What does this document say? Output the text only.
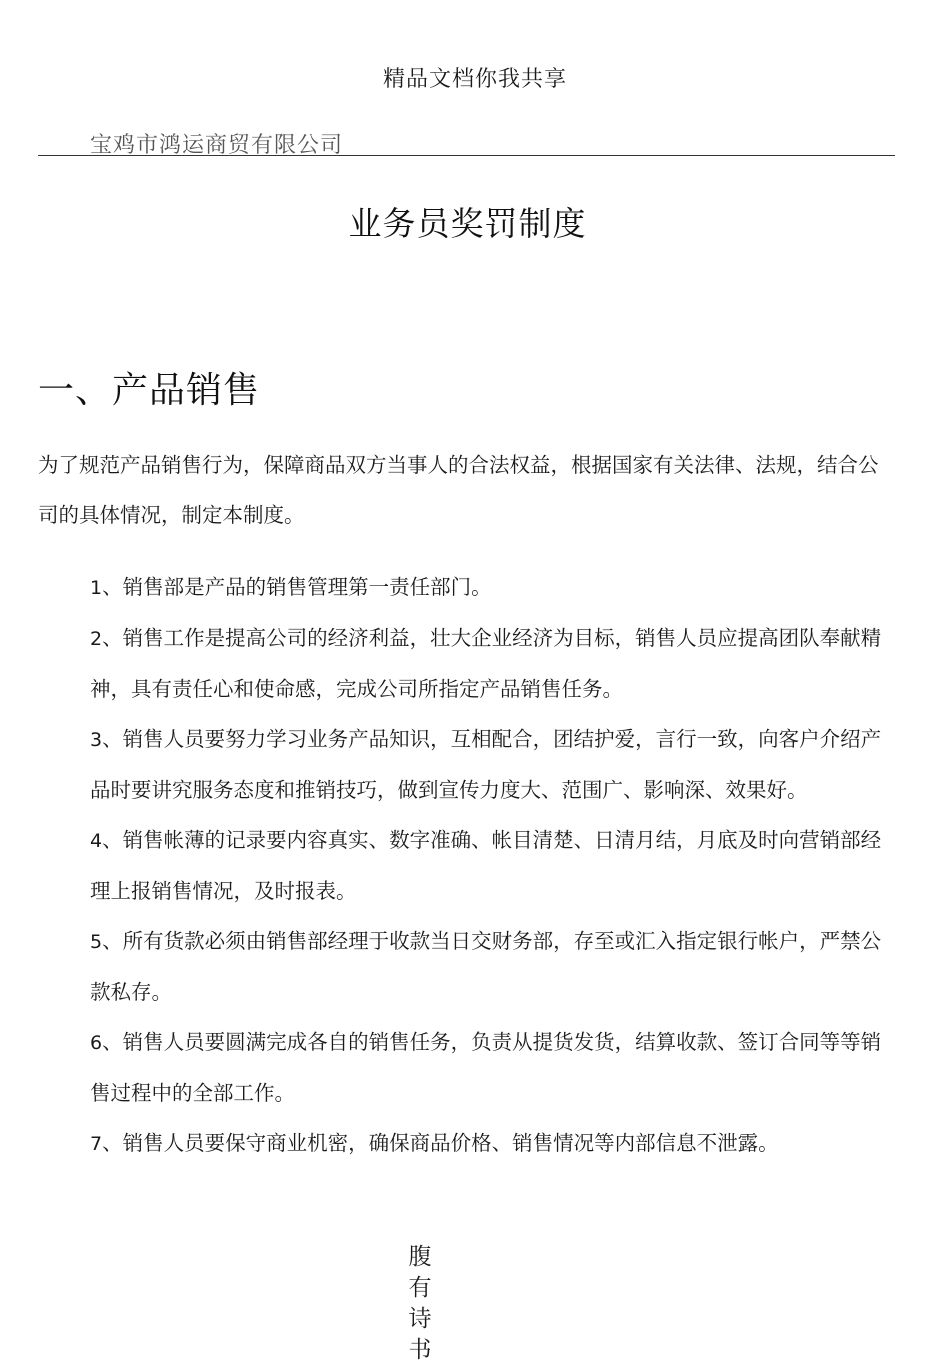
精品文档你我共享
宝鸡市鸿运商贸有限公司
业务员奖罚制度
一、产品销售

为了规范产品销售行为，保障商品双方当事人的合法权益，根据国家有关法律、法规，结合公司的具体情况，制定本制度。

1、销售部是产品的销售管理第一责任部门。

2、销售工作是提高公司的经济利益，壮大企业经济为目标，销售人员应提高团队奉献精神，具有责任心和使命感，完成公司所指定产品销售任务。

3、销售人员要努力学习业务产品知识，互相配合，团结护爱，言行一致，向客户介绍产品时要讲究服务态度和推销技巧，做到宣传力度大、范围广、影响深、效果好。

4、销售帐薄的记录要内容真实、数字准确、帐目清楚、日清月结，月底及时向营销部经理上报销售情况，及时报表。

5、所有货款必须由销售部经理于收款当日交财务部，存至或汇入指定银行帐户，严禁公款私存。

6、销售人员要圆满完成各自的销售任务，负责从提货发货，结算收款、签订合同等等销售过程中的全部工作。

7、销售人员要保守商业机密，确保商品价格、销售情况等内部信息不泄露。

腹
有
诗
书
